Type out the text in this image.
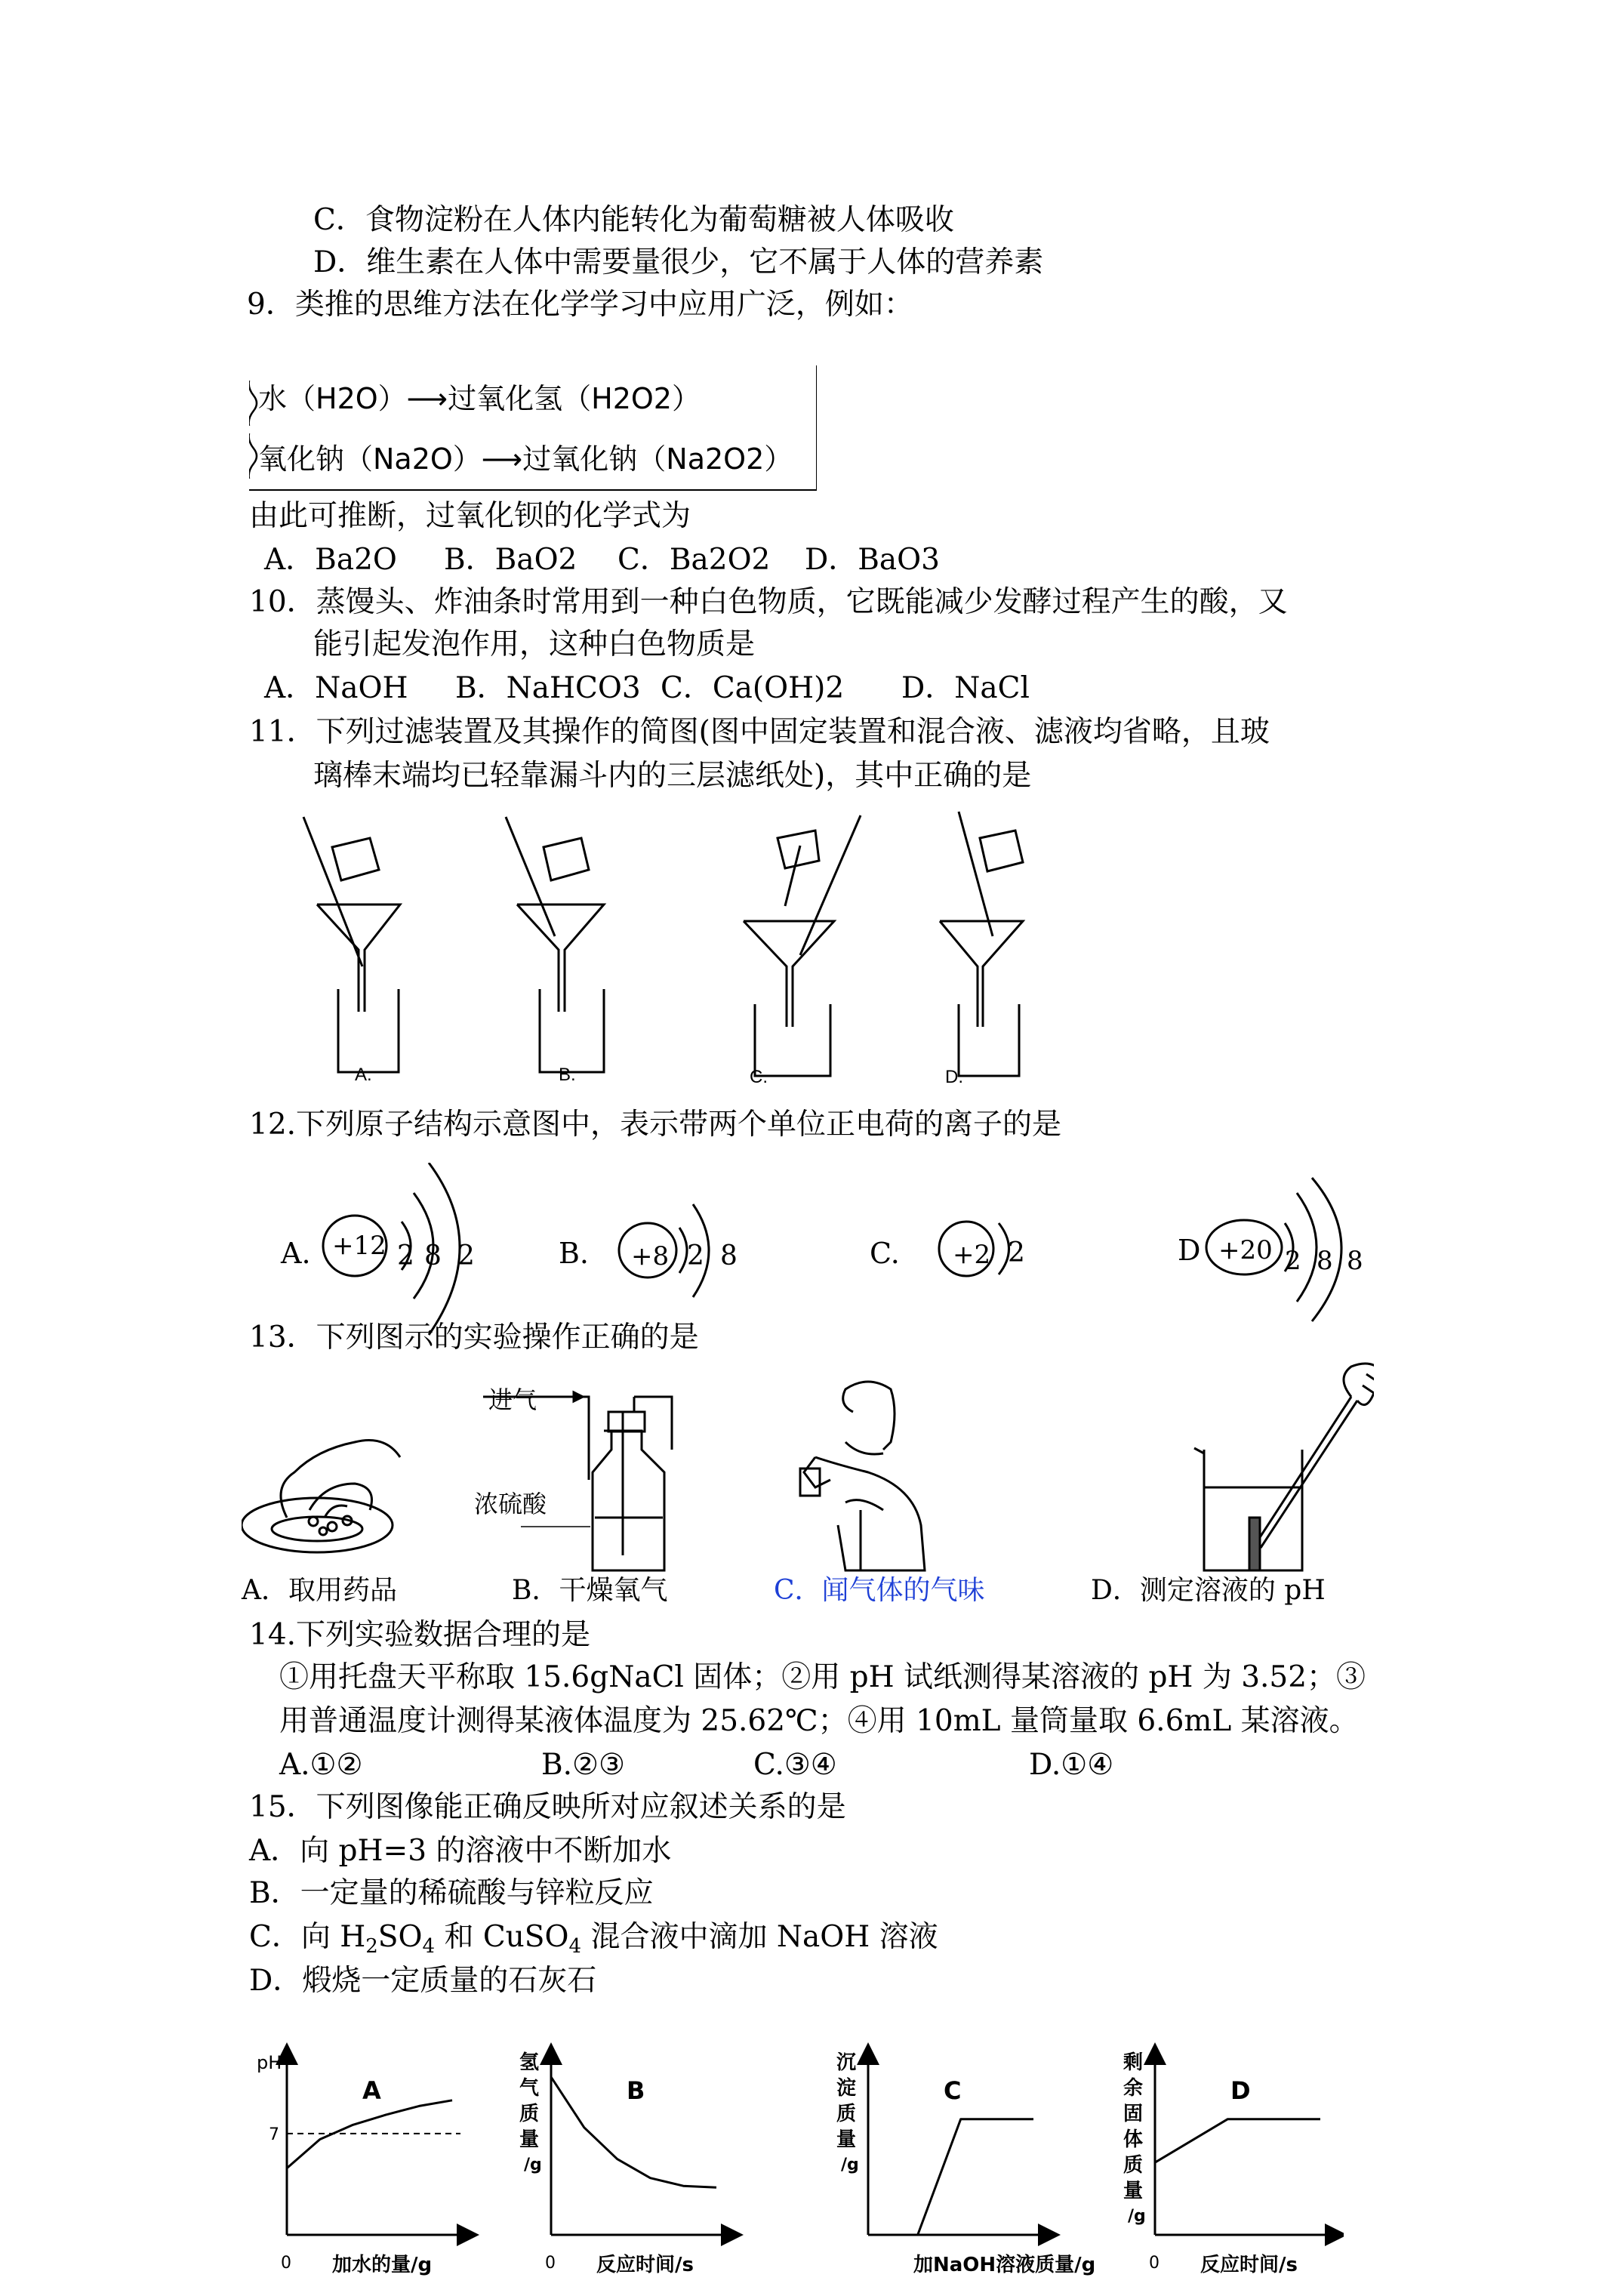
C．食物淀粉在人体内能转化为葡萄糖被人体吸收
D．维生素在人体中需要量很少，它不属于人体的营养素
9．类推的思维方法在化学学习中应用广泛，例如：
水（H2O）⟶过氧化氢（H2O2）
氧化钠（Na2O）⟶过氧化钠（Na2O2）
由此可推断，过氧化钡的化学式为
A．Ba2O B．BaO2 C．Ba2O2 D．BaO3
10．蒸馒头、炸油条时常用到一种白色物质，它既能减少发酵过程产生的酸，又
能引起发泡作用，这种白色物质是
A．NaOH B．NaHCO3 C．Ca(OH)2 D．NaCl
11．下列过滤装置及其操作的简图(图中固定装置和混合液、滤液均省略，且玻
璃棒末端均已轻靠漏斗内的三层滤纸处)，其中正确的是
A.	B.	C.	D.
12.下列原子结构示意图中，表示带两个单位正电荷的离子的是
A. +12 2 8 2	B. +8 2 8	C. +2 2	D +20 2 8 8
13．下列图示的实验操作正确的是
进气
浓硫酸
A．取用药品	B．干燥氧气	C．闻气体的气味	D．测定溶液的 pH
14.下列实验数据合理的是
①用托盘天平称取 15.6gNaCl 固体；②用 pH 试纸测得某溶液的 pH 为 3.52；③
用普通温度计测得某液体温度为 25.62℃；④用 10mL 量筒量取 6.6mL 某溶液。
A.①②	B.②③	C.③④	D.①④
15．下列图像能正确反映所对应叙述关系的是
A．向 pH=3 的溶液中不断加水
B．一定量的稀硫酸与锌粒反应
C．向 $H_2SO_4$ 和 CuSO$_4$ 混合液中滴加 NaOH 溶液
D．煅烧一定质量的石灰石
A
pH
加水的量/g
0
7
B
氢气质量/g
反应时间/s
0
C
沉淀质量/g
加NaOH溶液质量/g
D
剩余固体质量/g
反应时间/s
0
